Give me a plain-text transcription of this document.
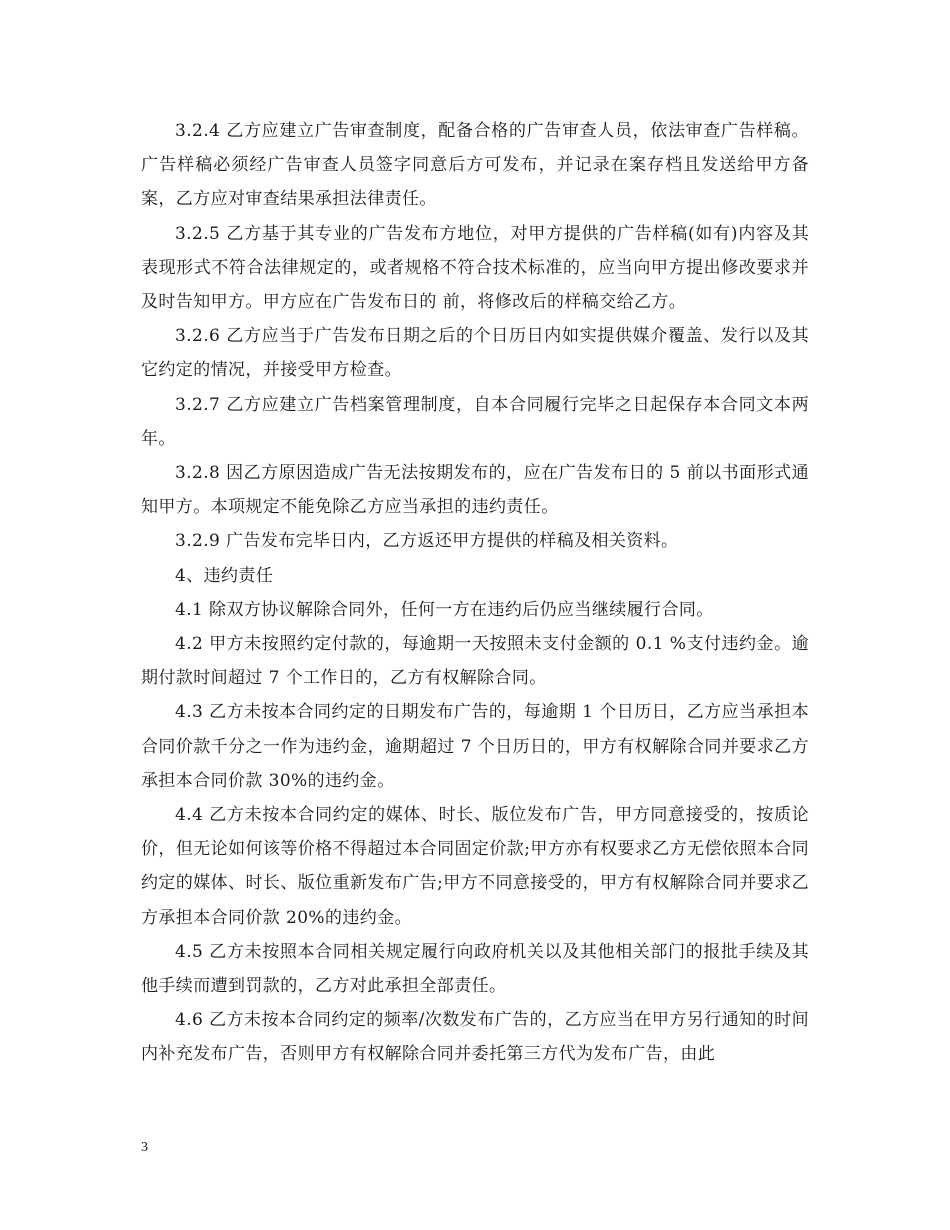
3.2.4 乙方应建立广告审查制度，配备合格的广告审查人员，依法审查广告样稿。广告样稿必须经广告审查人员签字同意后方可发布，并记录在案存档且发送给甲方备案，乙方应对审查结果承担法律责任。

3.2.5 乙方基于其专业的广告发布方地位，对甲方提供的广告样稿(如有)内容及其表现形式不符合法律规定的，或者规格不符合技术标准的，应当向甲方提出修改要求并及时告知甲方。甲方应在广告发布日的 前，将修改后的样稿交给乙方。

3.2.6 乙方应当于广告发布日期之后的个日历日内如实提供媒介覆盖、发行以及其它约定的情况，并接受甲方检查。

3.2.7 乙方应建立广告档案管理制度，自本合同履行完毕之日起保存本合同文本两年。

3.2.8 因乙方原因造成广告无法按期发布的，应在广告发布日的 5 前以书面形式通知甲方。本项规定不能免除乙方应当承担的违约责任。

3.2.9 广告发布完毕日内，乙方返还甲方提供的样稿及相关资料。

4、违约责任

4.1 除双方协议解除合同外，任何一方在违约后仍应当继续履行合同。

4.2 甲方未按照约定付款的，每逾期一天按照未支付金额的 0.1 %支付违约金。逾期付款时间超过 7 个工作日的，乙方有权解除合同。

4.3 乙方未按本合同约定的日期发布广告的，每逾期 1 个日历日，乙方应当承担本合同价款千分之一作为违约金，逾期超过 7 个日历日的，甲方有权解除合同并要求乙方承担本合同价款 30%的违约金。

4.4 乙方未按本合同约定的媒体、时长、版位发布广告，甲方同意接受的，按质论价，但无论如何该等价格不得超过本合同固定价款;甲方亦有权要求乙方无偿依照本合同约定的媒体、时长、版位重新发布广告;甲方不同意接受的，甲方有权解除合同并要求乙方承担本合同价款 20%的违约金。

4.5 乙方未按照本合同相关规定履行向政府机关以及其他相关部门的报批手续及其他手续而遭到罚款的，乙方对此承担全部责任。

4.6 乙方未按本合同约定的频率/次数发布广告的，乙方应当在甲方另行通知的时间内补充发布广告，否则甲方有权解除合同并委托第三方代为发布广告，由此

3
